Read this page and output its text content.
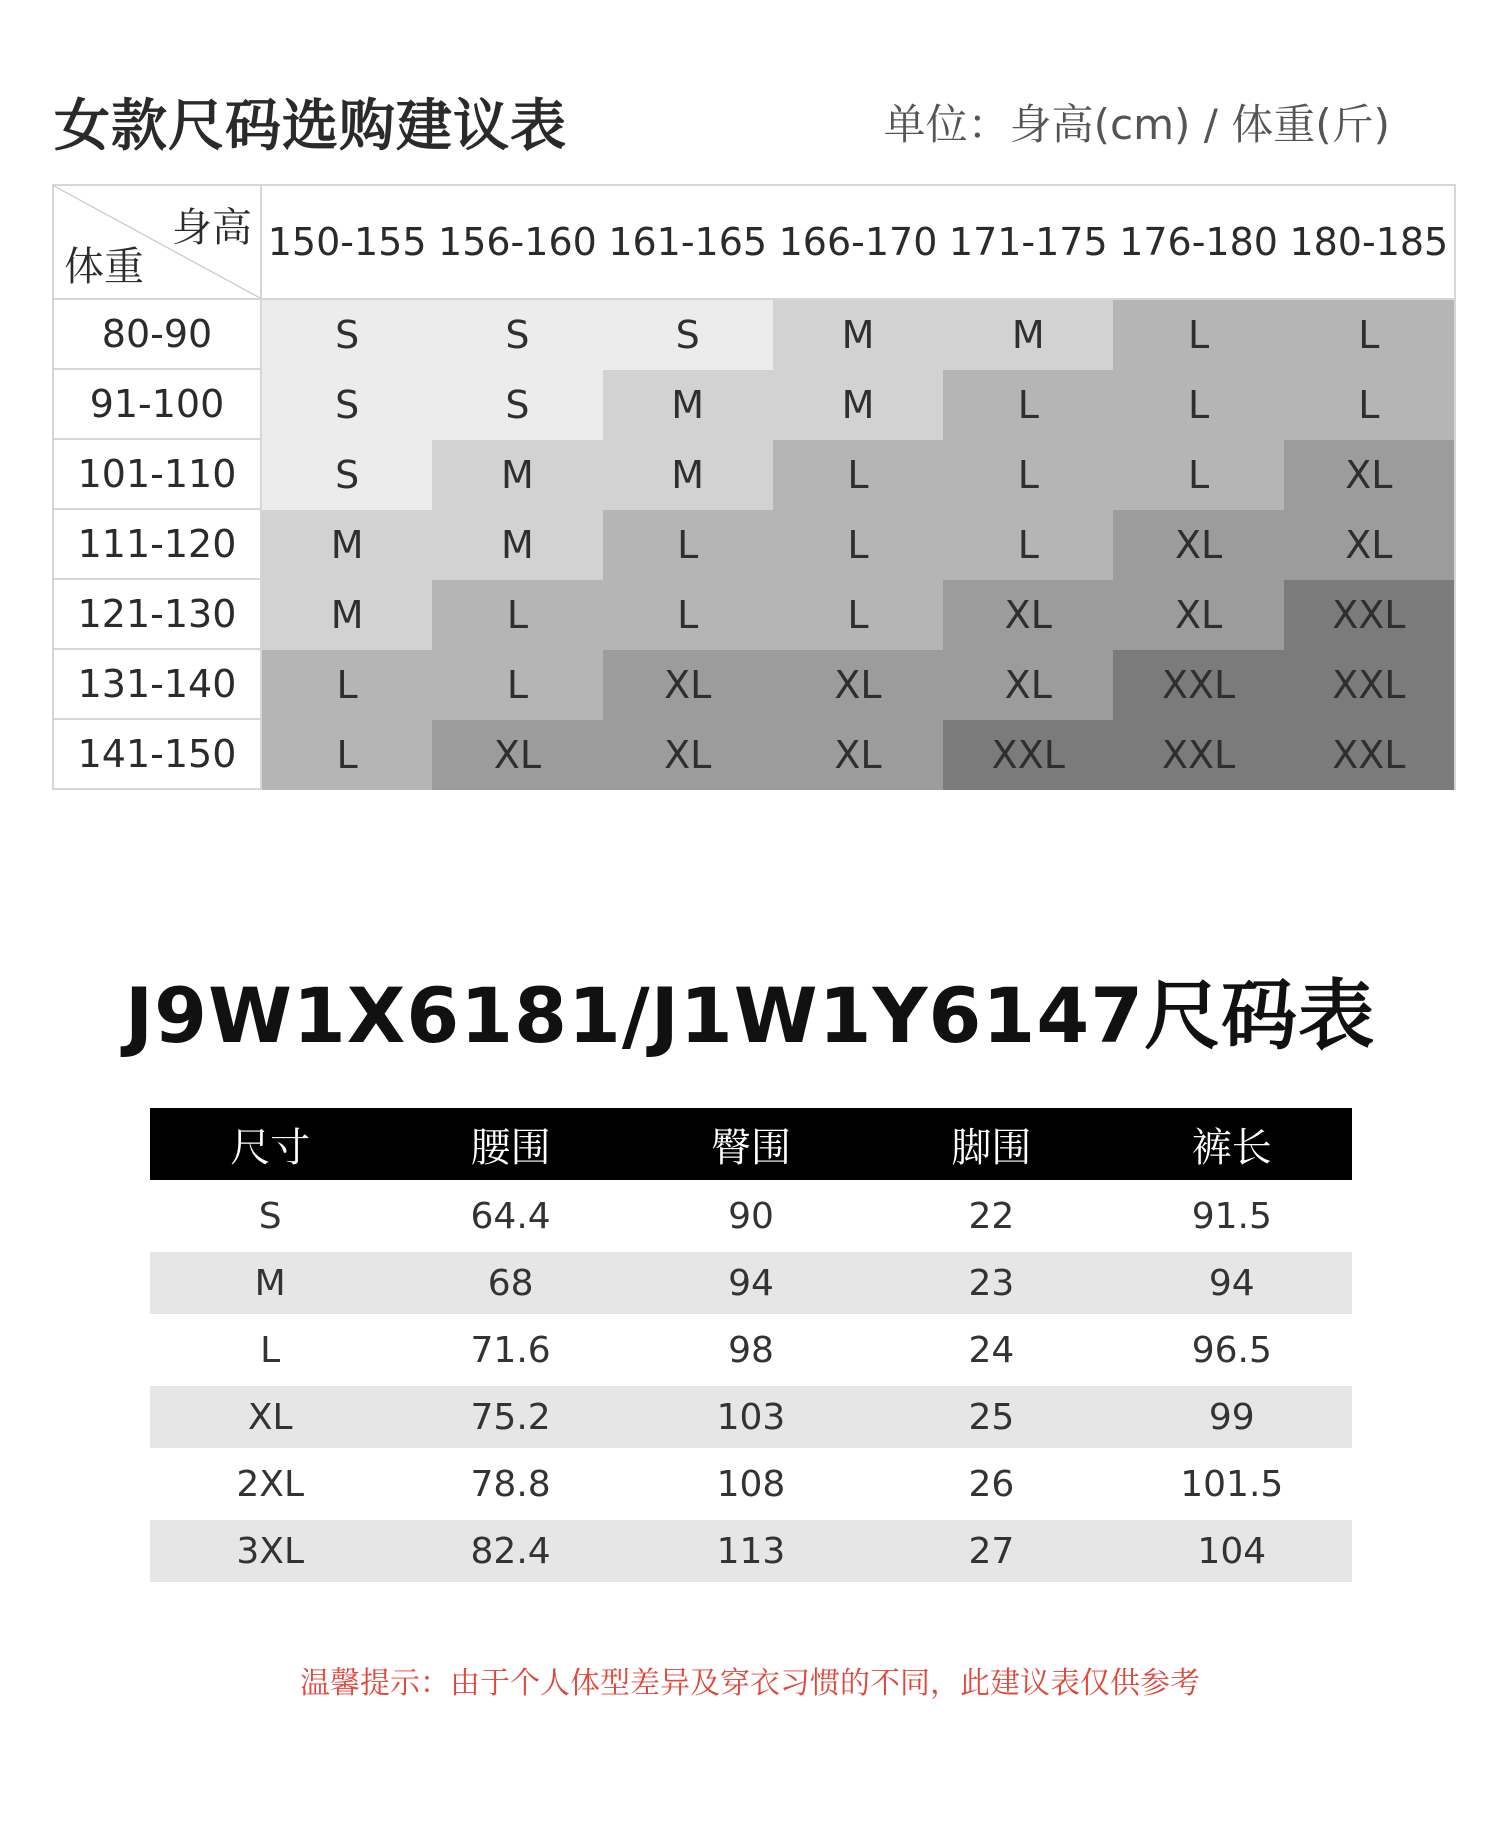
女款尺码选购建议表	单位：身高(cm) / 体重(斤)
身高
体重
150-155 156-160 161-165 166-170 171-175 176-180 180-185
80-90	S	S	S	M	M	L	L
91-100	S	S	M	M	L	L	L
101-110	S	M	M	L	L	L	XL
111-120	M	M	L	L	L	XL	XL
121-130	M	L	L	L	XL	XL	XXL
131-140	L	L	XL	XL	XL	XXL	XXL
141-150	L	XL	XL	XL	XXL	XXL	XXL
J9W1X6181/J1W1Y6147尺码表
尺寸	腰围	臀围	脚围	裤长
S	64.4	90	22	91.5
M	68	94	23	94
L	71.6	98	24	96.5
XL	75.2	103	25	99
2XL	78.8	108	26	101.5
3XL	82.4	113	27	104
温馨提示：由于个人体型差异及穿衣习惯的不同，此建议表仅供参考
